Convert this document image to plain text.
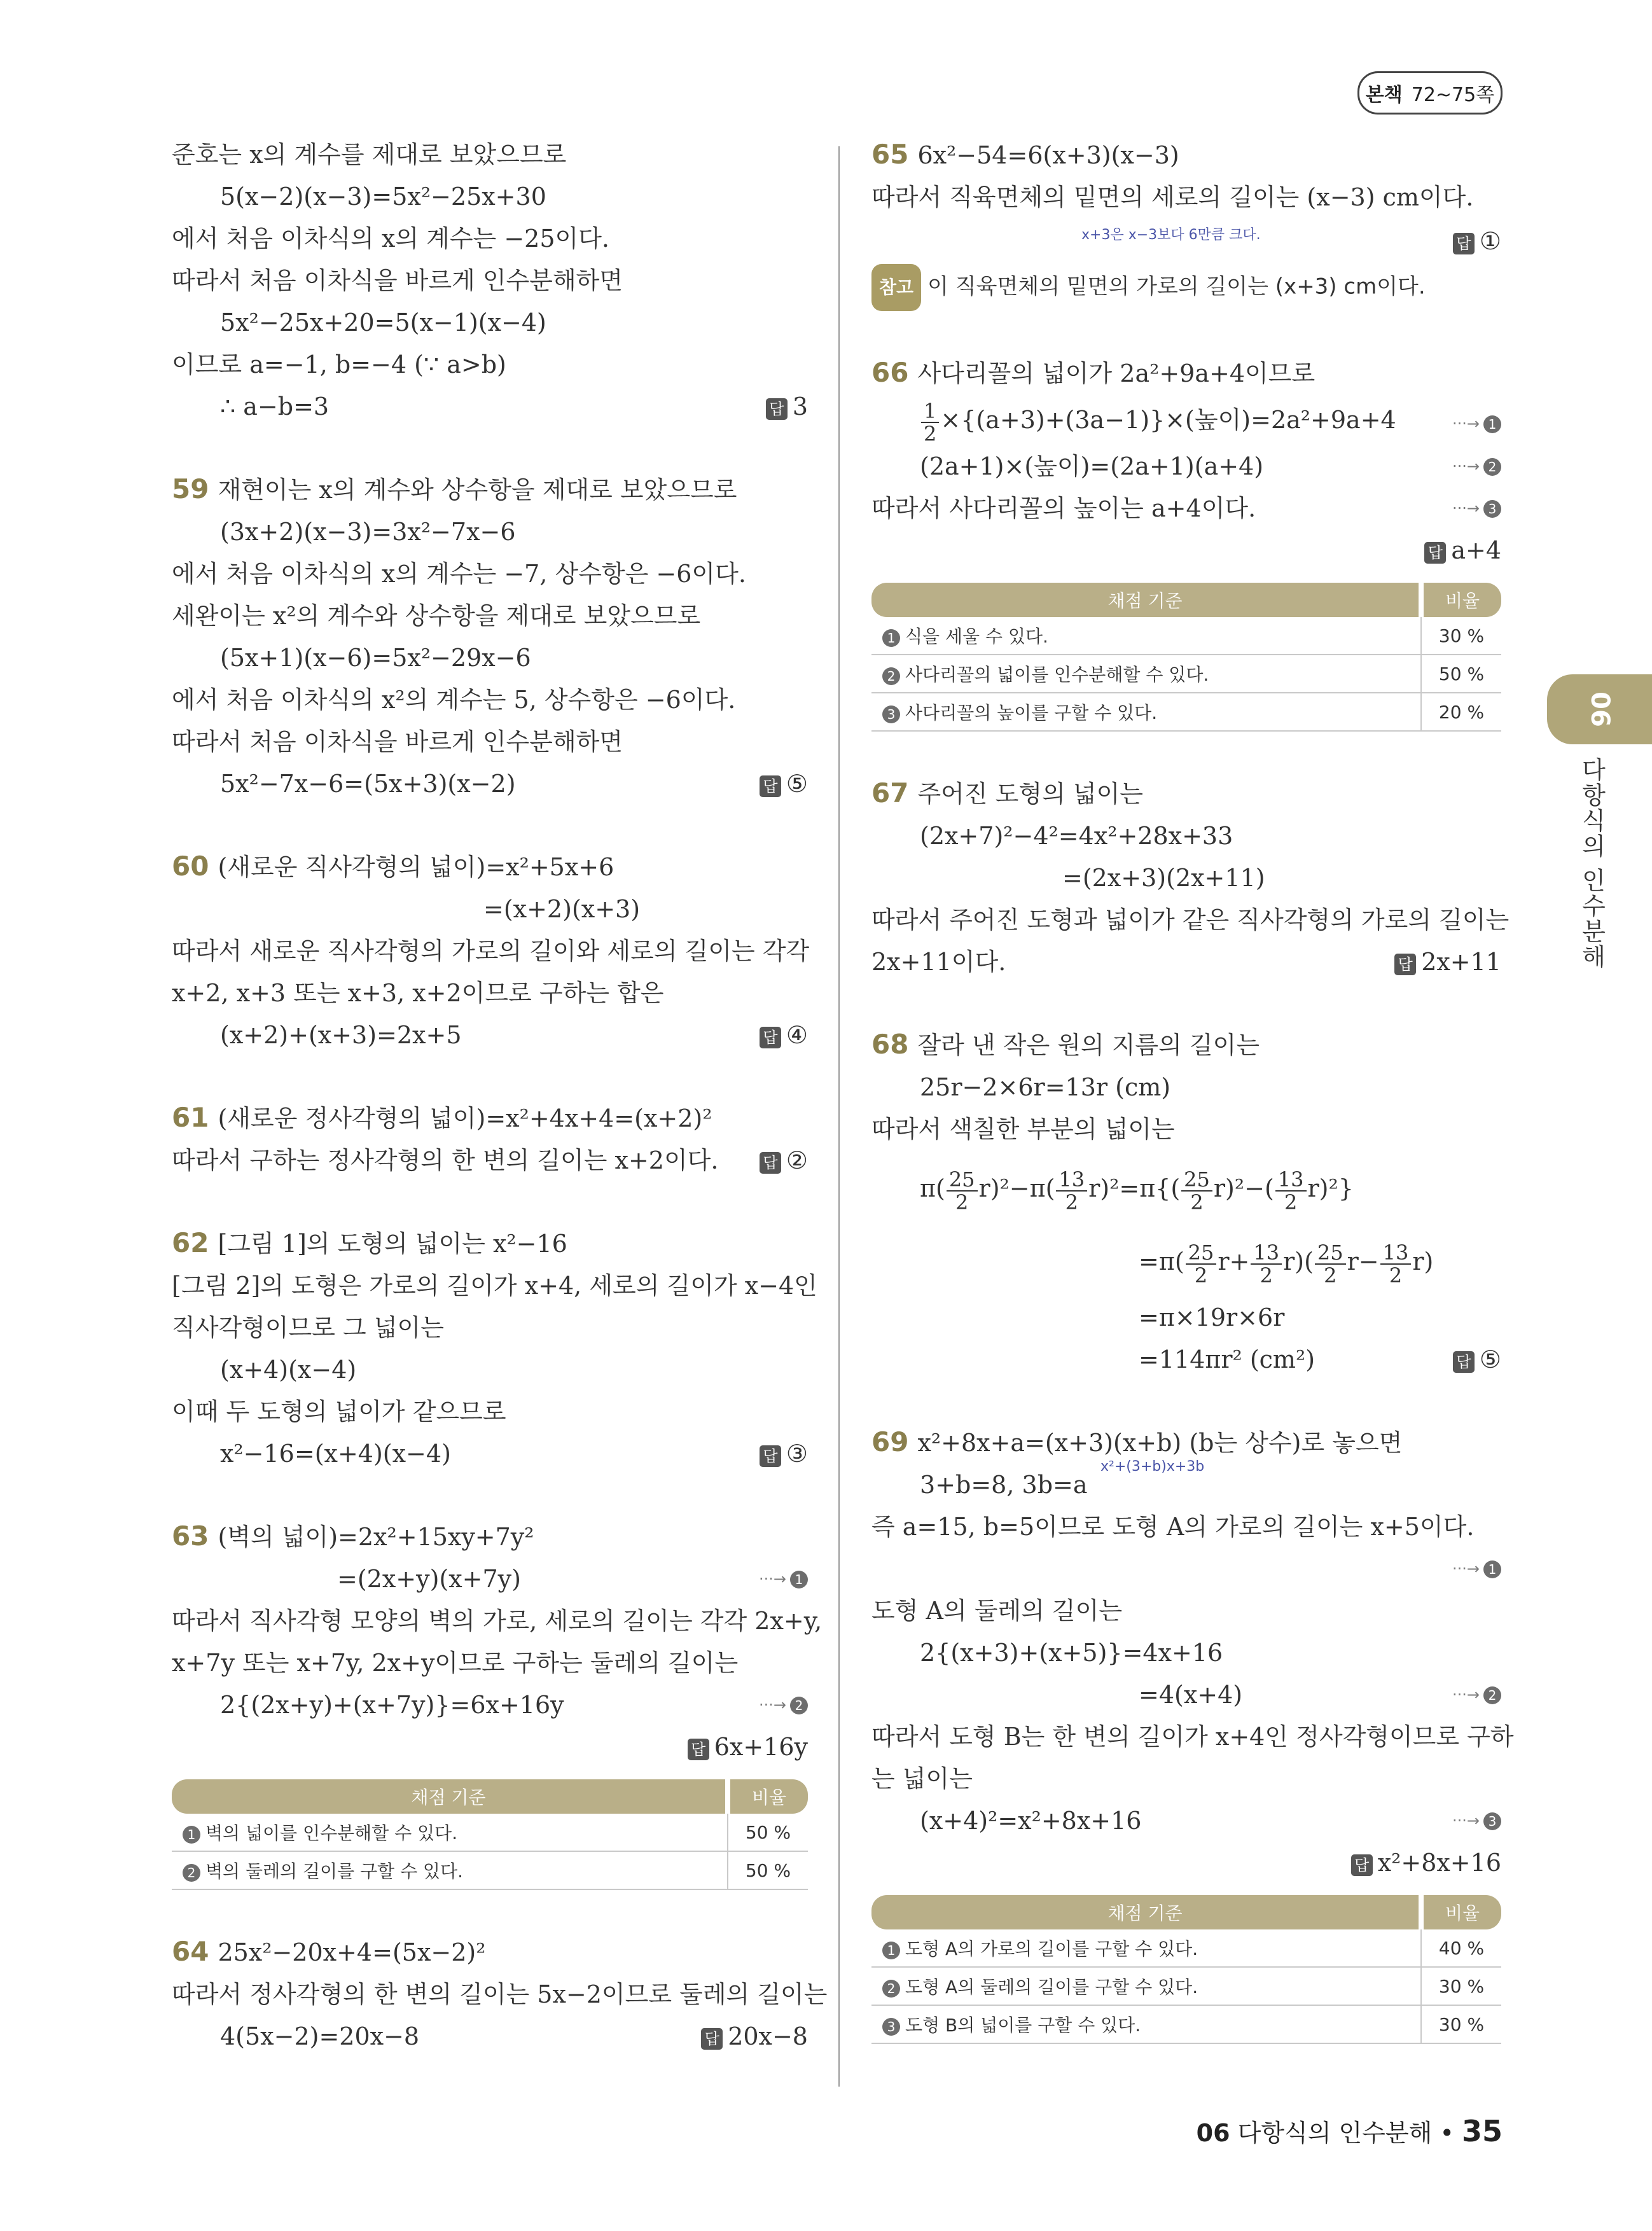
본책 72~75쪽
06
다항식의 인수분해
준호는 x의 계수를 제대로 보았으므로
5(x−2)(x−3)=5x²−25x+30
에서 처음 이차식의 x의 계수는 −25이다.
따라서 처음 이차식을 바르게 인수분해하면
5x²−25x+20=5(x−1)(x−4)
이므로 a=−1, b=−4 (∵ a>b)
∴ a−b=3	답 3
59 재현이는 x의 계수와 상수항을 제대로 보았으므로
(3x+2)(x−3)=3x²−7x−6
에서 처음 이차식의 x의 계수는 −7, 상수항은 −6이다.
세완이는 x²의 계수와 상수항을 제대로 보았으므로
(5x+1)(x−6)=5x²−29x−6
에서 처음 이차식의 x²의 계수는 5, 상수항은 −6이다.
따라서 처음 이차식을 바르게 인수분해하면
5x²−7x−6=(5x+3)(x−2)	답 ⑤
60 (새로운 직사각형의 넓이)=x²+5x+6
=(x+2)(x+3)
따라서 새로운 직사각형의 가로의 길이와 세로의 길이는 각각
x+2, x+3 또는 x+3, x+2이므로 구하는 합은
(x+2)+(x+3)=2x+5	답 ④
61 (새로운 정사각형의 넓이)=x²+4x+4=(x+2)²
따라서 구하는 정사각형의 한 변의 길이는 x+2이다.	답 ②
62 [그림 1]의 도형의 넓이는 x²−16
[그림 2]의 도형은 가로의 길이가 x+4, 세로의 길이가 x−4인
직사각형이므로 그 넓이는
(x+4)(x−4)
이때 두 도형의 넓이가 같으므로
x²−16=(x+4)(x−4)	답 ③
63 (벽의 넓이)=2x²+15xy+7y²
=(2x+y)(x+7y)	···→ 1
따라서 직사각형 모양의 벽의 가로, 세로의 길이는 각각 2x+y,
x+7y 또는 x+7y, 2x+y이므로 구하는 둘레의 길이는
2{(2x+y)+(x+7y)}=6x+16y	···→ 2
답 6x+16y
채점 기준	비율
1 벽의 넓이를 인수분해할 수 있다.	50 %
2 벽의 둘레의 길이를 구할 수 있다.	50 %
64 25x²−20x+4=(5x−2)²
따라서 정사각형의 한 변의 길이는 5x−2이므로 둘레의 길이는
4(5x−2)=20x−8	답 20x−8
65 6x²−54=6(x+3)(x−3)
따라서 직육면체의 밑면의 세로의 길이는 (x−3) cm이다.
x+3은 x−3보다 6만큼 크다.	답 ①
참고 이 직육면체의 밑면의 가로의 길이는 (x+3) cm이다.
66 사다리꼴의 넓이가 2a²+9a+4이므로
$\frac{1}{2} \times\{(a+3)+(3a-1)\}\times$(높이)=2a²+9a+4	···→ 1
(2a+1)×(높이)=(2a+1)(a+4)	···→ 2
따라서 사다리꼴의 높이는 a+4이다.	···→ 3
답 a+4
채점 기준	비율
1 식을 세울 수 있다.	30 %
2 사다리꼴의 넓이를 인수분해할 수 있다.	50 %
3 사다리꼴의 높이를 구할 수 있다.	20 %
67 주어진 도형의 넓이는
(2x+7)²−4²=4x²+28x+33
=(2x+3)(2x+11)
따라서 주어진 도형과 넓이가 같은 직사각형의 가로의 길이는
2x+11이다.	답 2x+11
68 잘라 낸 작은 원의 지름의 길이는
25r−2×6r=13r (cm)
따라서 색칠한 부분의 넓이는
$\pi( \frac{25}{2} r)^2-\pi( \frac{13}{2} r)^2=\pi\{( \frac{25}{2} r)^2-( \frac{13}{2} r)^2\}$
$=\pi( \frac{25}{2} r+ \frac{13}{2} r)( \frac{25}{2} r- \frac{13}{2} r)$
=π×19r×6r
=114πr² (cm²)	답 ⑤
69 x²+8x+a=(x+3)(x+b) (b는 상수)로 놓으면
3+b=8, 3b=a
x²+(3+b)x+3b
즉 a=15, b=5이므로 도형 A의 가로의 길이는 x+5이다.
···→ 1
도형 A의 둘레의 길이는
2{(x+3)+(x+5)}=4x+16
=4(x+4)	···→ 2
따라서 도형 B는 한 변의 길이가 x+4인 정사각형이므로 구하
는 넓이는
(x+4)²=x²+8x+16	···→ 3
답 x²+8x+16
채점 기준	비율
1 도형 A의 가로의 길이를 구할 수 있다.	40 %
2 도형 A의 둘레의 길이를 구할 수 있다.	30 %
3 도형 B의 넓이를 구할 수 있다.	30 %
06 다항식의 인수분해 • 35
